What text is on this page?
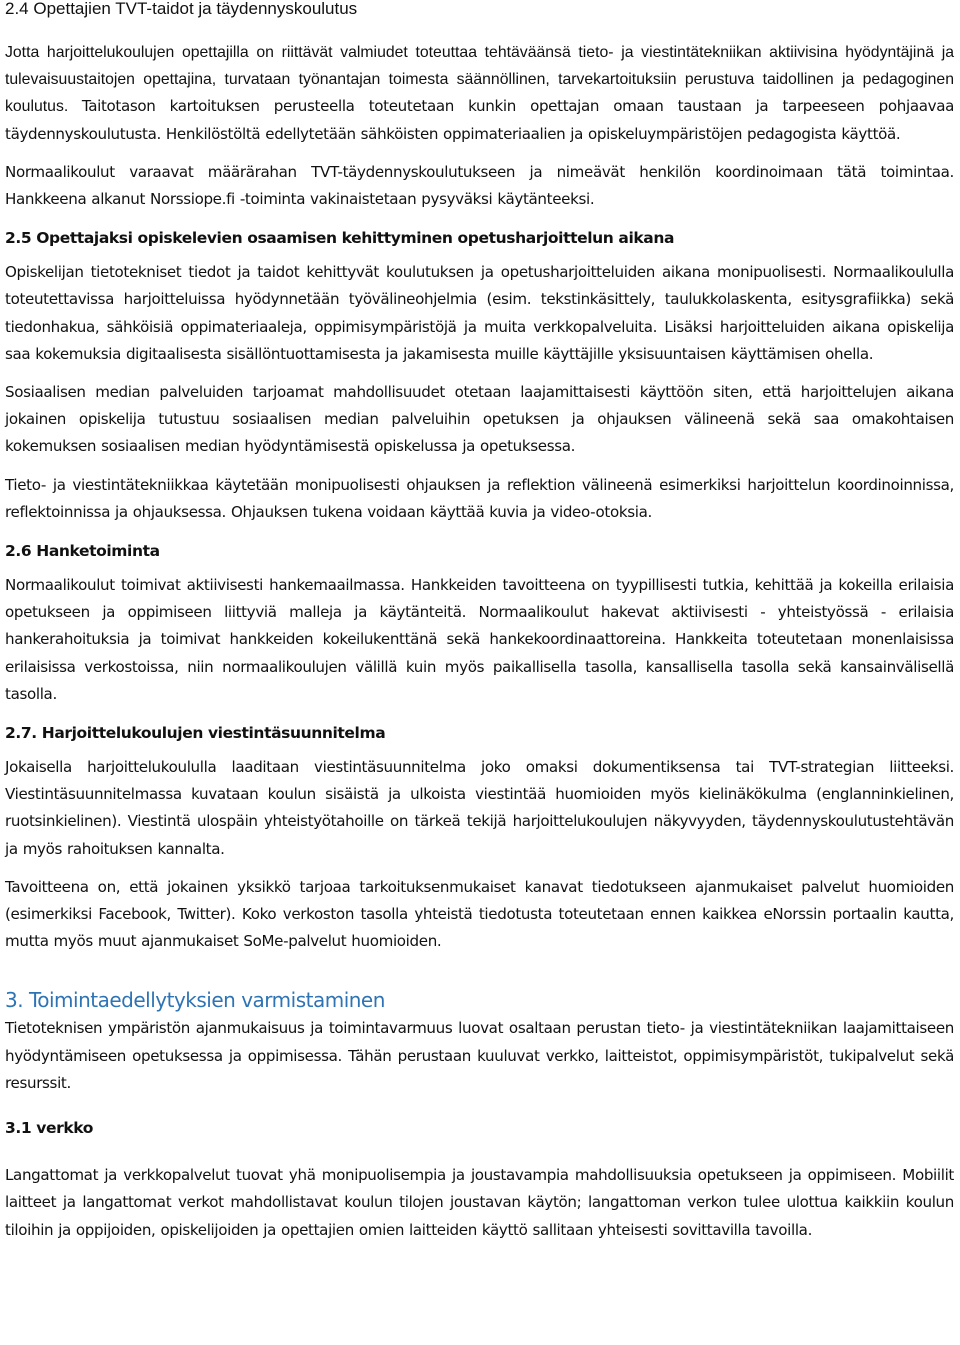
2.4 Opettajien TVT-taidot ja täydennyskoulutus

Jotta harjoittelukoulujen opettajilla on riittävät valmiudet toteuttaa tehtäväänsä tieto- ja viestintätekniikan aktiivisina hyödyntäjinä ja tulevaisuustaitojen opettajina, turvataan työnantajan toimesta säännöllinen, tarvekartoituksiin perustuva taidollinen ja pedagoginen koulutus. Taitotason kartoituksen perusteella toteutetaan kunkin opettajan omaan taustaan ja tarpeeseen pohjaavaa täydennyskoulutusta. Henkilöstöltä edellytetään sähköisten oppimateriaalien ja opiskeluympäristöjen pedagogista käyttöä.

Normaalikoulut varaavat määrärahan TVT-täydennyskoulutukseen ja nimeävät henkilön koordinoimaan tätä toimintaa. Hankkeena alkanut Norssiope.fi -toiminta vakinaistetaan pysyväksi käytänteeksi.

2.5 Opettajaksi opiskelevien osaamisen kehittyminen opetusharjoittelun aikana

Opiskelijan tietotekniset tiedot ja taidot kehittyvät koulutuksen ja opetusharjoitteluiden aikana monipuolisesti. Normaalikoululla toteutettavissa harjoitteluissa hyödynnetään työvälineohjelmia (esim. tekstinkäsittely, taulukkolaskenta, esitysgrafiikka) sekä tiedonhakua, sähköisiä oppimateriaaleja, oppimisympäristöjä ja muita verkkopalveluita. Lisäksi harjoitteluiden aikana opiskelija saa kokemuksia digitaalisesta sisällöntuottamisesta ja jakamisesta muille käyttäjille yksisuuntaisen käyttämisen ohella.

Sosiaalisen median palveluiden tarjoamat mahdollisuudet otetaan laajamittaisesti käyttöön siten, että harjoittelujen aikana jokainen opiskelija tutustuu sosiaalisen median palveluihin opetuksen ja ohjauksen välineenä sekä saa omakohtaisen kokemuksen sosiaalisen median hyödyntämisestä opiskelussa ja opetuksessa.

Tieto- ja viestintätekniikkaa käytetään monipuolisesti ohjauksen ja reflektion välineenä esimerkiksi harjoittelun koordinoinnissa, reflektoinnissa ja ohjauksessa. Ohjauksen tukena voidaan käyttää kuvia ja video-otoksia.

2.6 Hanketoiminta

Normaalikoulut toimivat aktiivisesti hankemaailmassa. Hankkeiden tavoitteena on tyypillisesti tutkia, kehittää ja kokeilla erilaisia opetukseen ja oppimiseen liittyviä malleja ja käytänteitä. Normaalikoulut hakevat aktiivisesti - yhteistyössä - erilaisia hankerahoituksia ja toimivat hankkeiden kokeilukenttänä sekä hankekoordinaattoreina. Hankkeita toteutetaan monenlaisissa erilaisissa verkostoissa, niin normaalikoulujen välillä kuin myös paikallisella tasolla, kansallisella tasolla sekä kansainvälisellä tasolla.

2.7. Harjoittelukoulujen viestintäsuunnitelma

Jokaisella harjoittelukoululla laaditaan viestintäsuunnitelma joko omaksi dokumentiksensa tai TVT-strategian liitteeksi. Viestintäsuunnitelmassa kuvataan koulun sisäistä ja ulkoista viestintää huomioiden myös kielinäkökulma (englanninkielinen, ruotsinkielinen). Viestintä ulospäin yhteistyötahoille on tärkeä tekijä harjoittelukoulujen näkyvyyden, täydennyskoulutustehtävän ja myös rahoituksen kannalta.

Tavoitteena on, että jokainen yksikkö tarjoaa tarkoituksenmukaiset kanavat tiedotukseen ajanmukaiset palvelut huomioiden (esimerkiksi Facebook, Twitter). Koko verkoston tasolla yhteistä tiedotusta toteutetaan ennen kaikkea eNorssin portaalin kautta, mutta myös muut ajanmukaiset SoMe-palvelut huomioiden.

3. Toimintaedellytyksien varmistaminen

Tietoteknisen ympäristön ajanmukaisuus ja toimintavarmuus luovat osaltaan perustan tieto- ja viestintätekniikan laajamittaiseen hyödyntämiseen opetuksessa ja oppimisessa. Tähän perustaan kuuluvat verkko, laitteistot, oppimisympäristöt, tukipalvelut sekä resurssit.

3.1 verkko

Langattomat ja verkkopalvelut tuovat yhä monipuolisempia ja joustavampia mahdollisuuksia opetukseen ja oppimiseen. Mobiilit laitteet ja langattomat verkot mahdollistavat koulun tilojen joustavan käytön; langattoman verkon tulee ulottua kaikkiin koulun tiloihin ja oppijoiden, opiskelijoiden ja opettajien omien laitteiden käyttö sallitaan yhteisesti sovittavilla tavoilla.
